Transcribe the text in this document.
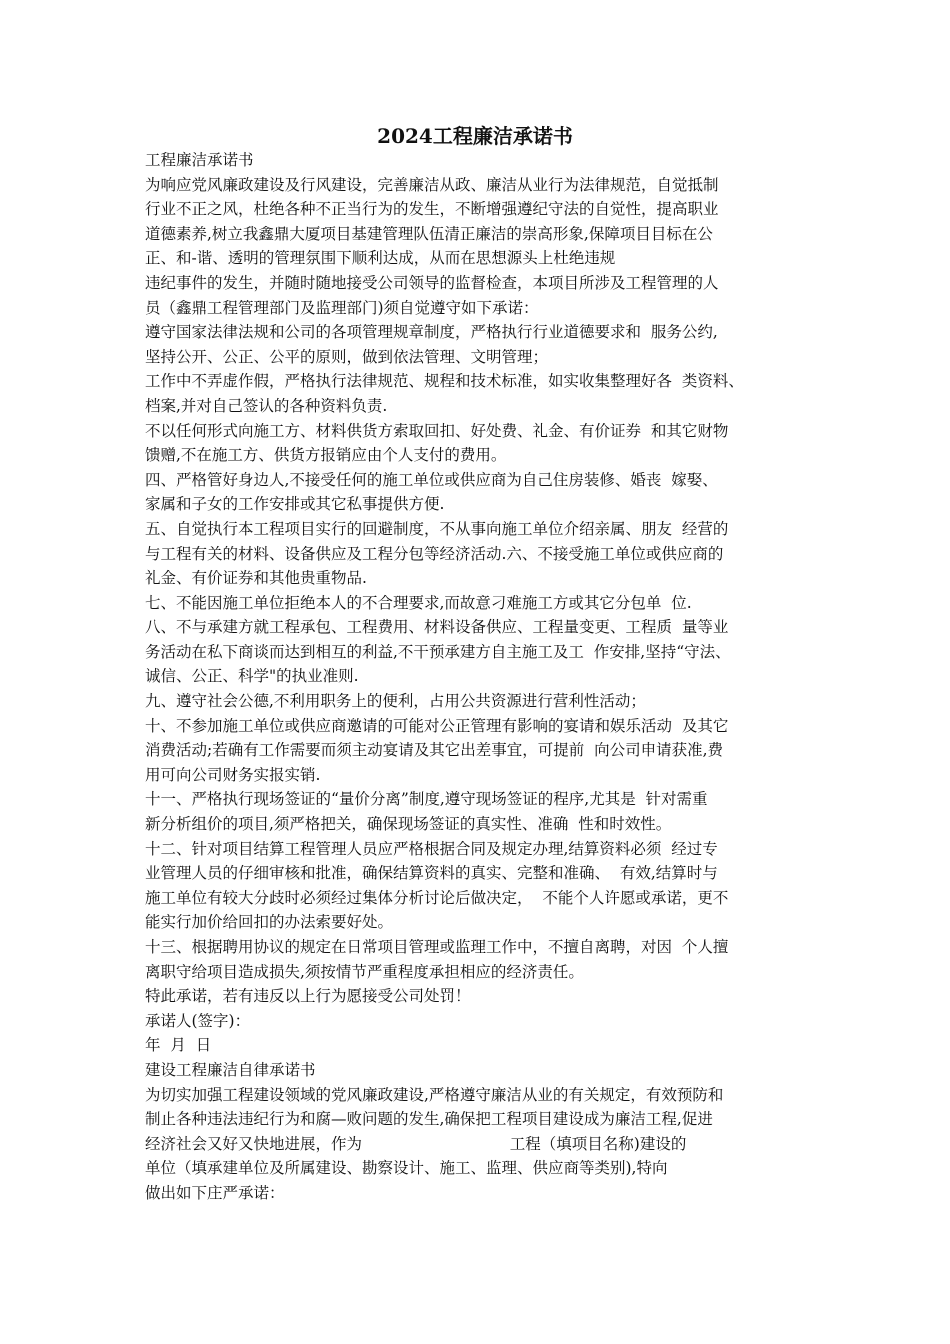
2024工程廉洁承诺书

工程廉洁承诺书

为响应党风廉政建设及行风建设，完善廉洁从政、廉洁从业行为法律规范，自觉抵制

行业不正之风，杜绝各种不正当行为的发生，不断增强遵纪守法的自觉性，提高职业

道德素养,树立我鑫鼎大厦项目基建管理队伍清正廉洁的崇高形象,保障项目目标在公

正、和-谐、透明的管理氛围下顺利达成，从而在思想源头上杜绝违规

违纪事件的发生，并随时随地接受公司领导的监督检查，本项目所涉及工程管理的人

员（鑫鼎工程管理部门及监理部门)须自觉遵守如下承诺：

遵守国家法律法规和公司的各项管理规章制度，严格执行行业道德要求和  服务公约,

坚持公开、公正、公平的原则，做到依法管理、文明管理；

工作中不弄虚作假，严格执行法律规范、规程和技术标准，如实收集整理好各  类资料、

档案,并对自己签认的各种资料负责.

不以任何形式向施工方、材料供货方索取回扣、好处费、礼金、有价证券  和其它财物

馈赠,不在施工方、供货方报销应由个人支付的费用。

四、严格管好身边人,不接受任何的施工单位或供应商为自己住房装修、婚丧  嫁娶、

家属和子女的工作安排或其它私事提供方便.

五、自觉执行本工程项目实行的回避制度，不从事向施工单位介绍亲属、朋友  经营的

与工程有关的材料、设备供应及工程分包等经济活动.六、不接受施工单位或供应商的

礼金、有价证券和其他贵重物品.

七、不能因施工单位拒绝本人的不合理要求,而故意刁难施工方或其它分包单  位.

八、不与承建方就工程承包、工程费用、材料设备供应、工程量变更、工程质  量等业

务活动在私下商谈而达到相互的利益,不干预承建方自主施工及工  作安排,坚持“守法、

诚信、公正、科学"的执业准则.

九、遵守社会公德,不利用职务上的便利，占用公共资源进行营利性活动；

十、不参加施工单位或供应商邀请的可能对公正管理有影响的宴请和娱乐活动  及其它

消费活动;若确有工作需要而须主动宴请及其它出差事宜，可提前  向公司申请获准,费

用可向公司财务实报实销.

十一、严格执行现场签证的“量价分离”制度,遵守现场签证的程序,尤其是  针对需重

新分析组价的项目,须严格把关，确保现场签证的真实性、准确  性和时效性。

十二、针对项目结算工程管理人员应严格根据合同及规定办理,结算资料必须  经过专

业管理人员的仔细审核和批准，确保结算资料的真实、完整和准确、  有效,结算时与

施工单位有较大分歧时必须经过集体分析讨论后做决定，  不能个人许愿或承诺，更不

能实行加价给回扣的办法索要好处。

十三、根据聘用协议的规定在日常项目管理或监理工作中，不擅自离聘，对因  个人擅

离职守给项目造成损失,须按情节严重程度承担相应的经济责任。

特此承诺，若有违反以上行为愿接受公司处罚！

承诺人(签字)：

年  月  日

建设工程廉洁自律承诺书

为切实加强工程建设领域的党风廉政建设,严格遵守廉洁从业的有关规定，有效预防和

制止各种违法违纪行为和腐—败问题的发生,确保把工程项目建设成为廉洁工程,促进

经济社会又好又快地进展，作为                              工程（填项目名称)建设的

单位（填承建单位及所属建设、勘察设计、施工、监理、供应商等类别),特向

做出如下庄严承诺：
